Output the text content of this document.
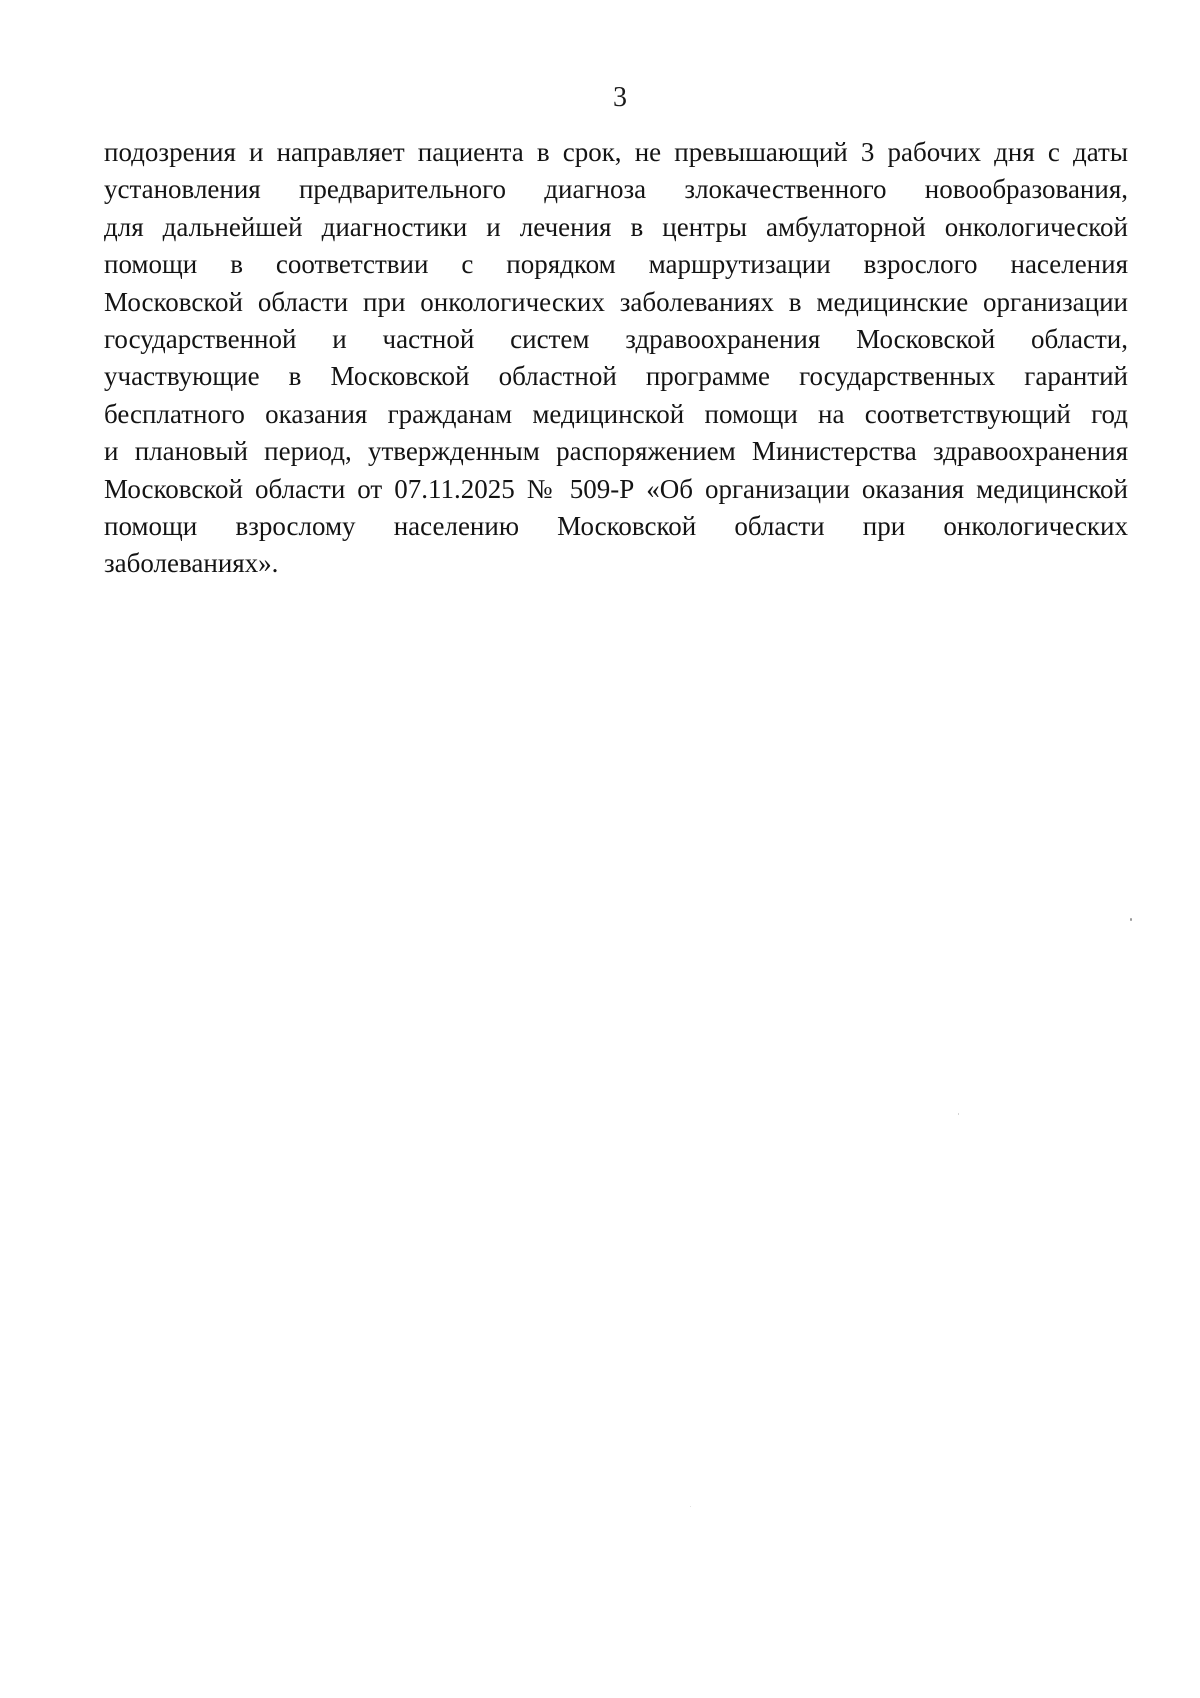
3
подозрения и направляет пациента в срок, не превышающий 3 рабочих дня с даты
установления предварительного диагноза злокачественного новообразования,
для дальнейшей диагностики и лечения в центры амбулаторной онкологической
помощи в соответствии с порядком маршрутизации взрослого населения
Московской области при онкологических заболеваниях в медицинские организации
государственной и частной систем здравоохранения Московской области,
участвующие в Московской областной программе государственных гарантий
бесплатного оказания гражданам медицинской помощи на соответствующий год
и плановый период, утвержденным распоряжением Министерства здравоохранения
Московской области от 07.11.2025 № 509-Р «Об организации оказания медицинской
помощи взрослому населению Московской области при онкологических
заболеваниях».
